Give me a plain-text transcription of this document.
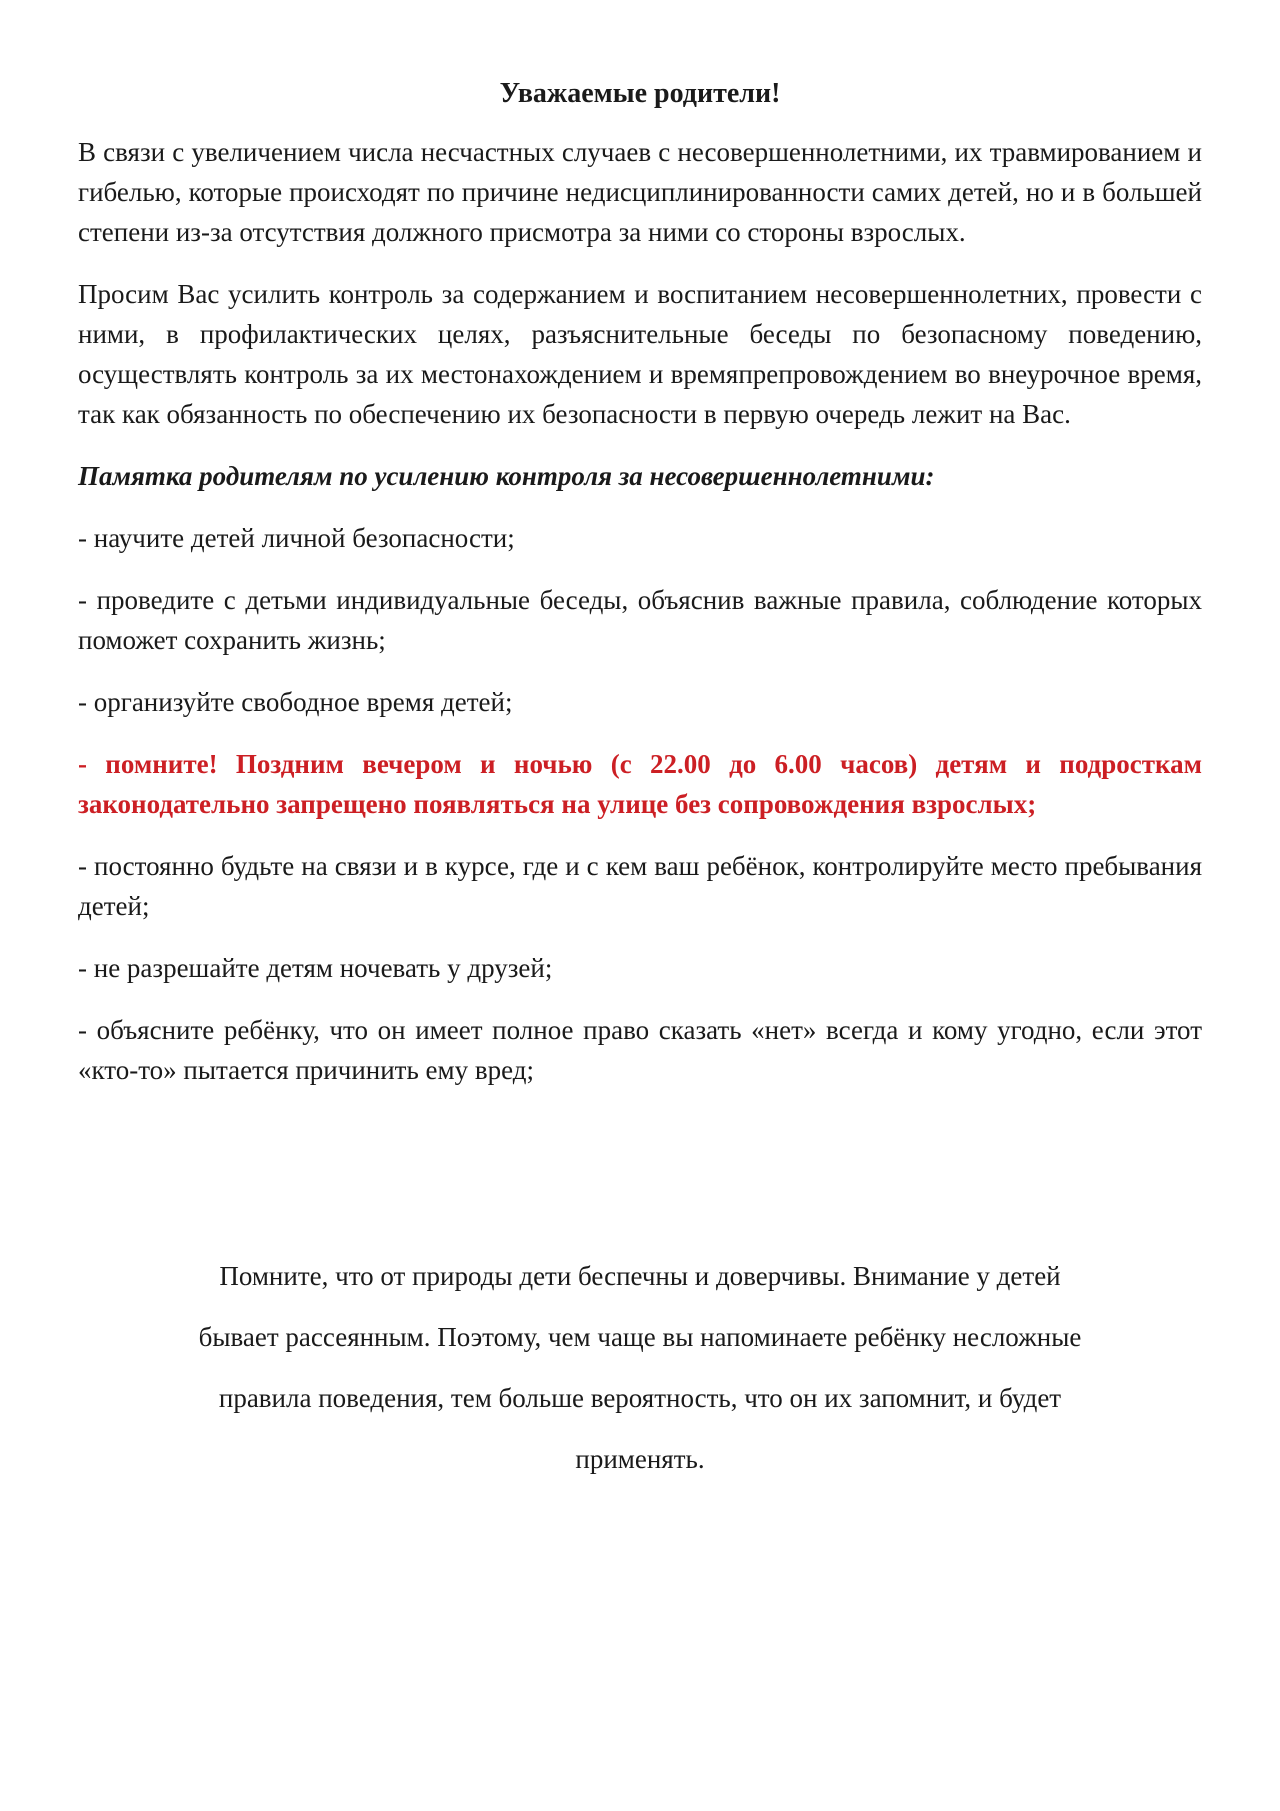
Уважаемые родители!

В связи с увеличением числа несчастных случаев с несовершеннолетними, их травмированием и гибелью, которые происходят по причине недисциплинированности самих детей, но и в большей степени из-за отсутствия должного присмотра за ними со стороны взрослых.

Просим Вас усилить контроль за содержанием и воспитанием несовершеннолетних, провести с ними, в профилактических целях, разъяснительные беседы по безопасному поведению, осуществлять контроль за их местонахождением и времяпрепровождением во внеурочное время, так как обязанность по обеспечению их безопасности в первую очередь лежит на Вас.

Памятка родителям по усилению контроля за несовершеннолетними:

- научите детей личной безопасности;

- проведите с детьми индивидуальные беседы, объяснив важные правила, соблюдение которых поможет сохранить жизнь;

- организуйте свободное время детей;

- помните! Поздним вечером и ночью (с 22.00 до 6.00 часов) детям и подросткам законодательно запрещено появляться на улице без сопровождения взрослых;

- постоянно будьте на связи и в курсе, где и с кем ваш ребёнок, контролируйте место пребывания детей;

- не разрешайте детям ночевать у друзей;

- объясните ребёнку, что он имеет полное право сказать «нет» всегда и кому угодно, если этот «кто-то» пытается причинить ему вред;

Помните, что от природы дети беспечны и доверчивы. Внимание у детей

бывает рассеянным. Поэтому, чем чаще вы напоминаете ребёнку несложные

правила поведения, тем больше вероятность, что он их запомнит, и будет

применять.
